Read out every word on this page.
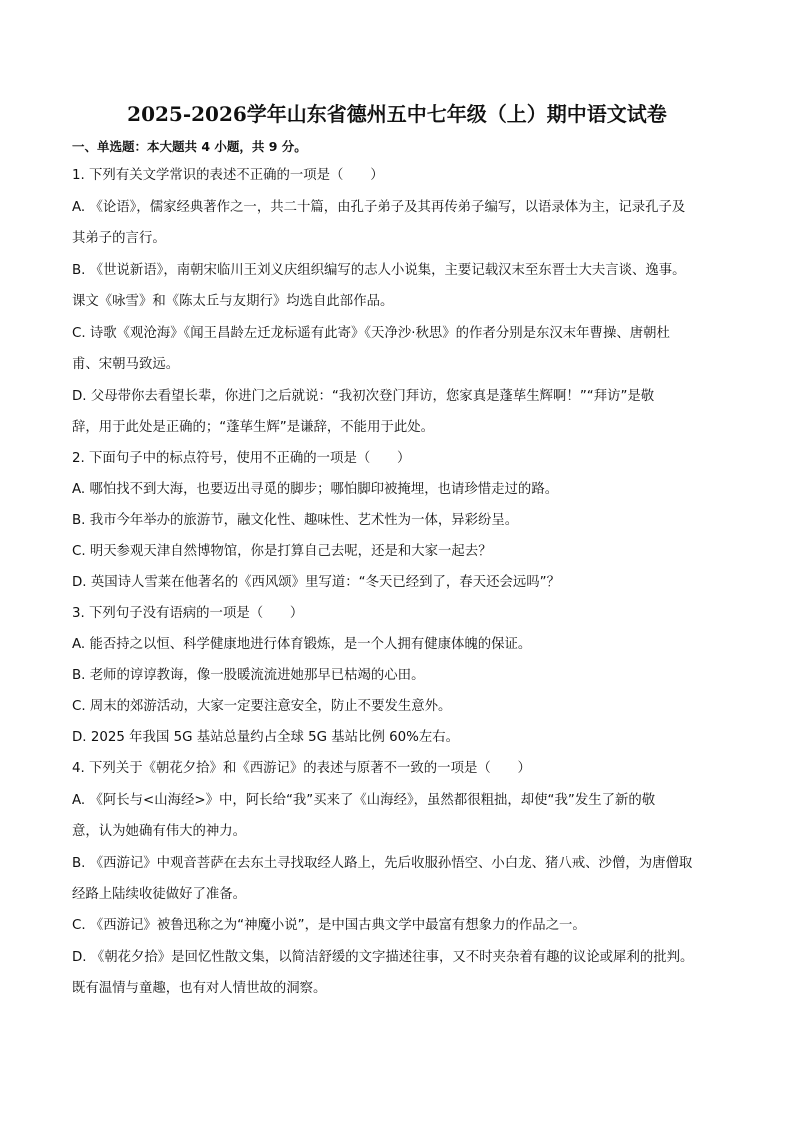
2025-2026学年山东省德州五中七年级（上）期中语文试卷
一、单选题：本大题共 4 小题，共 9 分。
1. 下列有关文学常识的表述不正确的一项是（　　）
A. 《论语》，儒家经典著作之一，共二十篇，由孔子弟子及其再传弟子编写，以语录体为主，记录孔子及
其弟子的言行。
B. 《世说新语》，南朝宋临川王刘义庆组织编写的志人小说集，主要记载汉末至东晋士大夫言谈、逸事。
课文《咏雪》和《陈太丘与友期行》均选自此部作品。
C. 诗歌《观沧海》《闻王昌龄左迁龙标遥有此寄》《天净沙·秋思》的作者分别是东汉末年曹操、唐朝杜
甫、宋朝马致远。
D. 父母带你去看望长辈，你进门之后就说：“我初次登门拜访，您家真是蓬荜生辉啊！”“拜访”是敬
辞，用于此处是正确的；“蓬荜生辉”是谦辞，不能用于此处。
2. 下面句子中的标点符号，使用不正确的一项是（　　）
A. 哪怕找不到大海，也要迈出寻觅的脚步；哪怕脚印被掩埋，也请珍惜走过的路。
B. 我市今年举办的旅游节，融文化性、趣味性、艺术性为一体，异彩纷呈。
C. 明天参观天津自然博物馆，你是打算自己去呢，还是和大家一起去？
D. 英国诗人雪莱在他著名的《西风颂》里写道：“冬天已经到了，春天还会远吗”？
3. 下列句子没有语病的一项是（　　）
A. 能否持之以恒、科学健康地进行体育锻炼，是一个人拥有健康体魄的保证。
B. 老师的谆谆教诲，像一股暖流流进她那早已枯竭的心田。
C. 周末的郊游活动，大家一定要注意安全，防止不要发生意外。
D. 2025 年我国 5G 基站总量约占全球 5G 基站比例 60%左右。
4. 下列关于《朝花夕拾》和《西游记》的表述与原著不一致的一项是（　　）
A. 《阿长与<山海经>》中，阿长给“我”买来了《山海经》，虽然都很粗拙，却使“我”发生了新的敬
意，认为她确有伟大的神力。
B. 《西游记》中观音菩萨在去东土寻找取经人路上，先后收服孙悟空、小白龙、猪八戒、沙僧，为唐僧取
经路上陆续收徒做好了准备。
C. 《西游记》被鲁迅称之为“神魔小说”，是中国古典文学中最富有想象力的作品之一。
D. 《朝花夕拾》是回忆性散文集，以简洁舒缓的文字描述往事，又不时夹杂着有趣的议论或犀利的批判。
既有温情与童趣，也有对人情世故的洞察。
